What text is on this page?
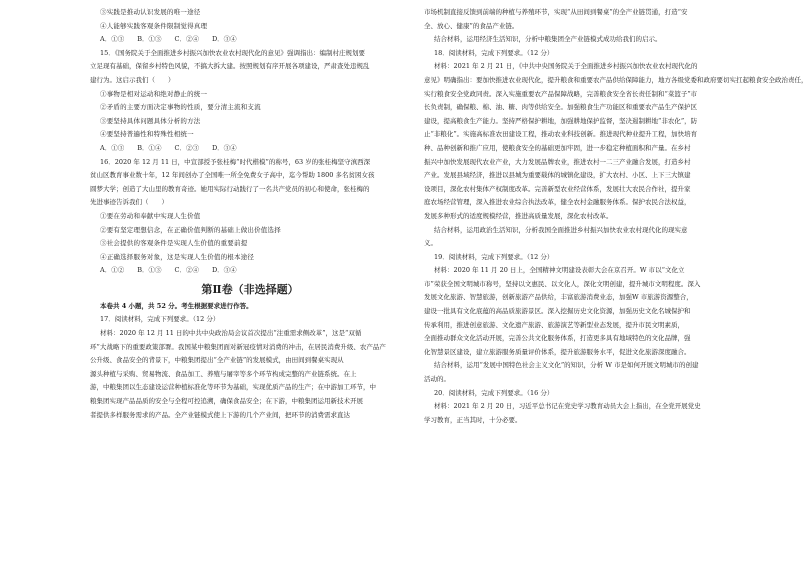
③实践是推动认识发展的唯一途径
④人能够实践客观条件限制觉得真理
A．①③　　B．①③　　C．②④　　D．③④
15．《国务院关于全面推进乡村振兴加快农业农村现代化的意见》强调指出：编制村庄规划要
立足现有基础，保留乡村特色风貌，不搞大拆大建。按照规划有序开展各项建设，严肃查处违规乱
建行为。这启示我们（　　）
①事物是相对运动和绝对静止的统一
②矛盾的主要方面决定事物的性质，要分清主流和支流
③要坚持具体问题具体分析的方法
④要坚持普遍性和特殊性相统一
A．①③　　B．①④　　C．②③　　D．③④
16．2020 年 12 月 11 日，中宣部授予张桂梅“时代楷模”的称号，63 岁的张桂梅坚守滇西深
贫山区教育事业数十年，12 年间创办了全国唯一所全免费女子高中，迄今帮助 1800 多名贫困女孩
圆梦大学；创造了大山里的教育奇迹。她用实际行动践行了一名共产党员的初心和使命，张桂梅的
先进事迹告诉我们（　　）
①要在劳动和奉献中实现人生价值
②要有坚定理想信念，在正确价值判断的基础上做出价值选择
③社会提供的客观条件是实现人生价值的重要前提
④正确选择服务对象，这是实现人生价值的根本途径
A．①②　　B．①③　　C．②④　　D．③④
第Ⅱ卷（非选择题）
本卷共 4 小题，共 52 分。考生根据要求进行作答。
17．阅读材料，完成下列要求。（12 分）
材料：2020 年 12 月 11 日的中共中央政治局会议首次提出“注重需求侧改革”，这是“双循
环”大战略下的重要政策部署。我国某中粮集团面对新冠疫情对消费的冲击，在居民消费升级、农产品产
公升级、食品安全的背景下，中粮集团提出“全产业链”的发展模式，由田间到餐桌实现从
源头种植与采购、贸易物流、食品加工、养殖与屠宰等多个环节构成完整的产业链系统。在上
游，中粮集团以生态建设运营种植标准化等环节为基础，实现优质产品的生产；在中游加工环节，中
粮集团实现产品品质的安全与全程可控追溯，确保食品安全；在下游，中粮集团运用新技术开展
者提供多样服务需求的产品。全产业链模式使上下游的几个产业间，把环节的消费需求直达
市场机制直接反馈到前端的种植与养殖环节，实现“从田间到餐桌”的全产业链贯通，打造“安
全、放心、健康”的食品产业链。
结合材料，运用经济生活知识，分析中粮集团全产业链模式成功给我们的启示。
18．阅读材料，完成下列要求。（12 分）
材料：2021 年 2 月 21 日，《中共中央国务院关于全面推进乡村振兴加快农业农村现代化的
意见》明确指出：要加快推进农业现代化，提升粮食和重要农产品供给保障能力，地方各级党委和政府要切实扛起粮食安全政治责任，
实行粮食安全党政同责。深入实施重要农产品保障战略，完善粮食安全省长责任制和“菜篮子”市
长负责制，确保粮、棉、油、糖、肉等供给安全。加强粮食生产功能区和重要农产品生产保护区
建设，提高粮食生产能力。坚持严格保护耕地，加强耕地保护监督，坚决遏制耕地“非农化”，防
止“非粮化”。实施高标准农田建设工程，推动农业科技创新。推进现代种业提升工程，加快培育
种、品种创新和推广应用，使粮食安全的基础更加牢固，进一步稳定种植面积和产量。在乡村
振兴中加快发展现代农业产业，大力发展品牌农业，推进农村一二三产业融合发展，打造乡村
产业。发展县域经济，推进以县城为重要载体的城镇化建设，扩大农村、小区、上下三大镇建
设项目，深化农村集体产权制度改革。完善新型农业经营体系，发展壮大农民合作社，提升家
庭农场经营管理，深入推进农业综合执法改革，健全农村金融服务体系。保护农民合法权益，
发展多种形式的适度规模经营，推进高质量发展，深化农村改革。
结合材料，运用政治生活知识，分析我国全面推进乡村振兴加快农业农村现代化的现实意
义。
19．阅读材料，完成下列要求。（12 分）
材料：2020 年 11 月 20 日上，全国精神文明建设表彰大会在京召开。W 市以“文化立
市”荣获全国文明城市称号，坚持以文惠民、以文化人，深化文明创建，提升城市文明程度。深入
发展文化旅游、智慧旅游，创新旅游产品供给，丰富旅游消费业态，加强W 市旅游资源整合，
建设一批具有文化底蕴的高品质旅游景区。深入挖掘历史文化资源，加强历史文化名城保护和
传承利用，推进创意旅游、文化遗产旅游、旅游演艺等新型业态发展，提升市民文明素质，
全面推动群众文化活动开展，完善公共文化服务体系，打造更多具有地域特色的文化品牌，强
化智慧景区建设，建立旅游服务质量评价体系，提升旅游服务水平，促进文化旅游深度融合。
结合材料，运用“发展中国特色社会主义文化”的知识，分析 W 市是如何开展文明城市的创建
活动的。
20．阅读材料，完成下列要求。（16 分）
材料：2021 年 2 月 20 日，习近平总书记在党史学习教育动员大会上指出，在全党开展党史
学习教育，正当其时，十分必要。
